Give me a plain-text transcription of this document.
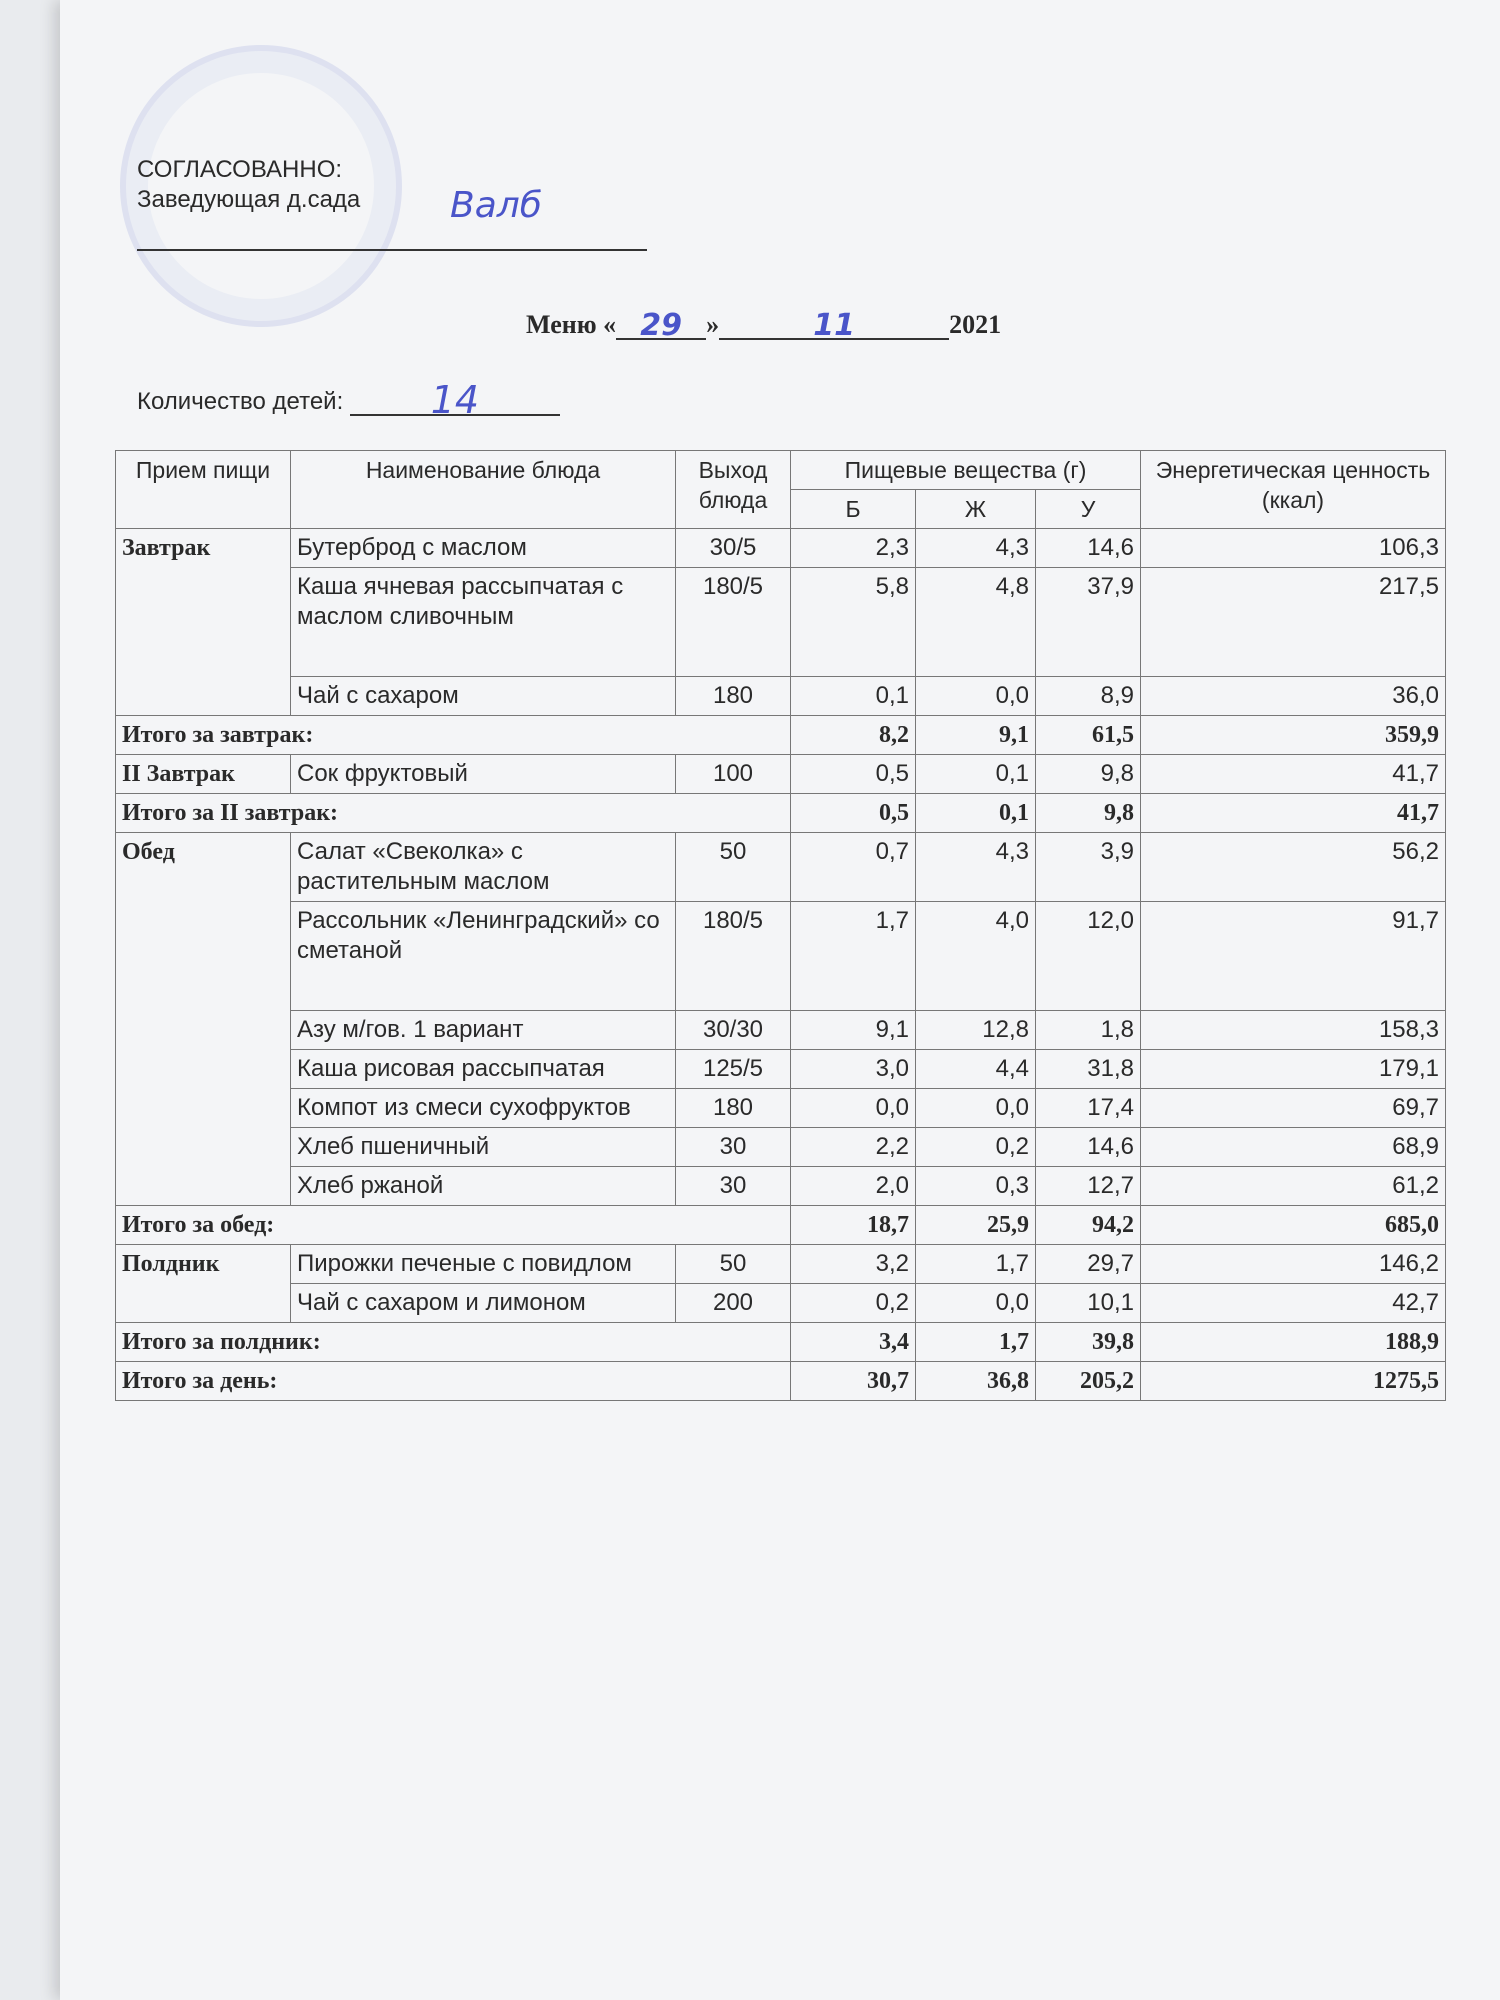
СОГЛАСОВАННО:
Заведующая д.сада	Валб
Меню « 29 »	11	2021
Количество детей: 14
Прием пищи	Наименование блюда	Выход блюда	Пищевые вещества (г)			Энергетическая ценность (ккал)
			Б	Ж	У	
Завтрак	Бутерброд с маслом	30/5	2,3	4,3	14,6	106,3
	Каша ячневая рассыпчатая с маслом сливочным	180/5	5,8	4,8	37,9	217,5
	Чай с сахаром	180	0,1	0,0	8,9	36,0
Итого за завтрак:			8,2	9,1	61,5	359,9
II Завтрак	Сок фруктовый	100	0,5	0,1	9,8	41,7
Итого за II завтрак:			0,5	0,1	9,8	41,7
Обед	Салат «Свеколка» с растительным маслом	50	0,7	4,3	3,9	56,2
	Рассольник «Ленинградский» со сметаной	180/5	1,7	4,0	12,0	91,7
	Азу м/гов. 1 вариант	30/30	9,1	12,8	1,8	158,3
	Каша рисовая рассыпчатая	125/5	3,0	4,4	31,8	179,1
	Компот из смеси сухофруктов	180	0,0	0,0	17,4	69,7
	Хлеб пшеничный	30	2,2	0,2	14,6	68,9
	Хлеб ржаной	30	2,0	0,3	12,7	61,2
Итого за обед:			18,7	25,9	94,2	685,0
Полдник	Пирожки печеные с повидлом	50	3,2	1,7	29,7	146,2
	Чай с сахаром и лимоном	200	0,2	0,0	10,1	42,7
Итого за полдник:			3,4	1,7	39,8	188,9
Итого за день:			30,7	36,8	205,2	1275,5
